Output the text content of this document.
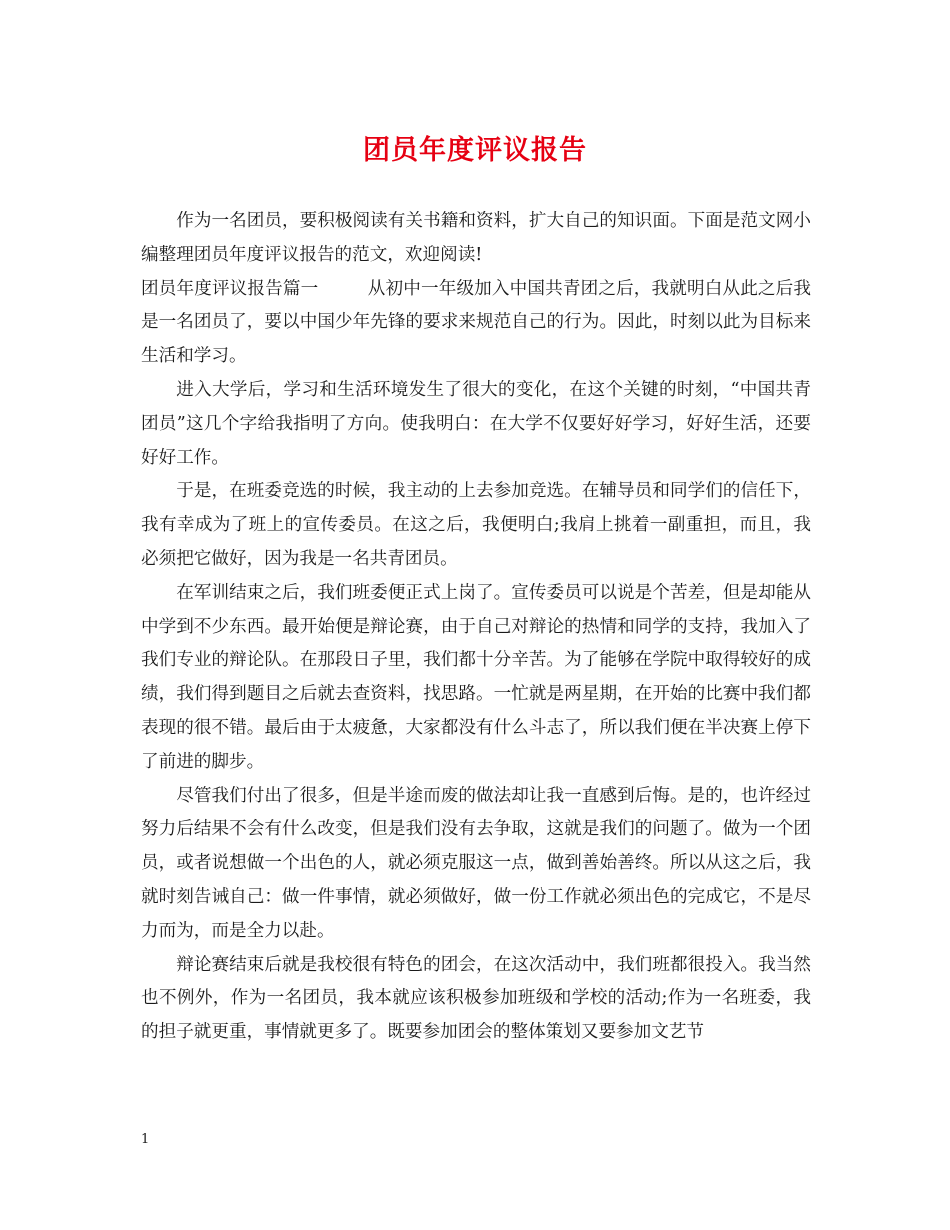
团员年度评议报告

作为一名团员，要积极阅读有关书籍和资料，扩大自己的知识面。下面是范文网小编整理团员年度评议报告的范文，欢迎阅读!

团员年度评议报告篇一	从初中一年级加入中国共青团之后，我就明白从此之后我是一名团员了，要以中国少年先锋的要求来规范自己的行为。因此，时刻以此为目标来生活和学习。

进入大学后，学习和生活环境发生了很大的变化，在这个关键的时刻，“中国共青团员”这几个字给我指明了方向。使我明白：在大学不仅要好好学习，好好生活，还要好好工作。

于是，在班委竞选的时候，我主动的上去参加竞选。在辅导员和同学们的信任下，我有幸成为了班上的宣传委员。在这之后，我便明白;我肩上挑着一副重担，而且，我必须把它做好，因为我是一名共青团员。

在军训结束之后，我们班委便正式上岗了。宣传委员可以说是个苦差，但是却能从中学到不少东西。最开始便是辩论赛，由于自己对辩论的热情和同学的支持，我加入了我们专业的辩论队。在那段日子里，我们都十分辛苦。为了能够在学院中取得较好的成绩，我们得到题目之后就去查资料，找思路。一忙就是两星期，在开始的比赛中我们都表现的很不错。最后由于太疲惫，大家都没有什么斗志了，所以我们便在半决赛上停下了前进的脚步。

尽管我们付出了很多，但是半途而废的做法却让我一直感到后悔。是的，也许经过努力后结果不会有什么改变，但是我们没有去争取，这就是我们的问题了。做为一个团员，或者说想做一个出色的人，就必须克服这一点，做到善始善终。所以从这之后，我就时刻告诫自己：做一件事情，就必须做好，做一份工作就必须出色的完成它，不是尽力而为，而是全力以赴。

辩论赛结束后就是我校很有特色的团会，在这次活动中，我们班都很投入。我当然也不例外，作为一名团员，我本就应该积极参加班级和学校的活动;作为一名班委，我的担子就更重，事情就更多了。既要参加团会的整体策划又要参加文艺节

1
